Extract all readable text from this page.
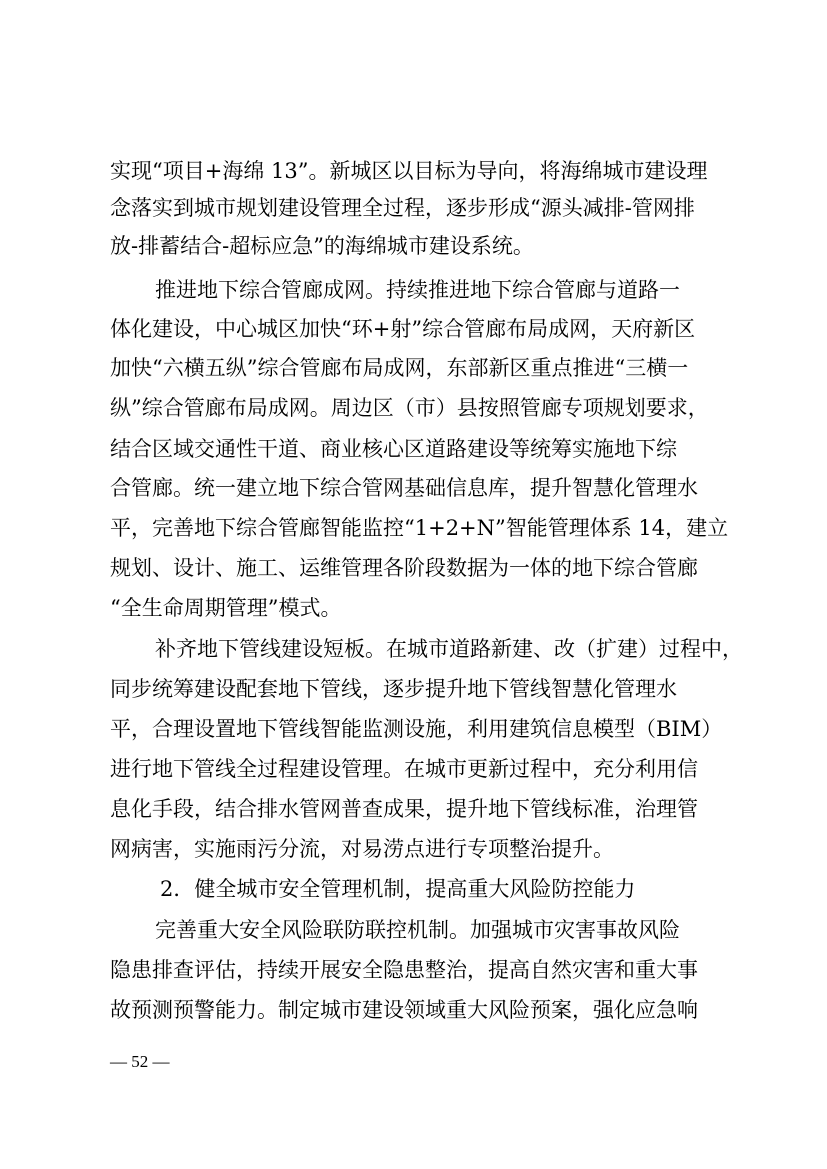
实现“项目+海绵 13”。新城区以目标为导向，将海绵城市建设理
念落实到城市规划建设管理全过程，逐步形成“源头减排-管网排
放-排蓄结合-超标应急”的海绵城市建设系统。
推进地下综合管廊成网。持续推进地下综合管廊与道路一
体化建设，中心城区加快“环+射”综合管廊布局成网，天府新区
加快“六横五纵”综合管廊布局成网，东部新区重点推进“三横一
纵”综合管廊布局成网。周边区（市）县按照管廊专项规划要求，
结合区域交通性干道、商业核心区道路建设等统筹实施地下综
合管廊。统一建立地下综合管网基础信息库，提升智慧化管理水
平，完善地下综合管廊智能监控“1+2+N”智能管理体系 14，建立
规划、设计、施工、运维管理各阶段数据为一体的地下综合管廊
“全生命周期管理”模式。
补齐地下管线建设短板。在城市道路新建、改（扩建）过程中，
同步统筹建设配套地下管线，逐步提升地下管线智慧化管理水
平，合理设置地下管线智能监测设施，利用建筑信息模型（BIM）
进行地下管线全过程建设管理。在城市更新过程中，充分利用信
息化手段，结合排水管网普查成果，提升地下管线标准，治理管
网病害，实施雨污分流，对易涝点进行专项整治提升。
2．健全城市安全管理机制，提高重大风险防控能力
完善重大安全风险联防联控机制。加强城市灾害事故风险
隐患排查评估，持续开展安全隐患整治，提高自然灾害和重大事
故预测预警能力。制定城市建设领域重大风险预案，强化应急响
— 52 —
